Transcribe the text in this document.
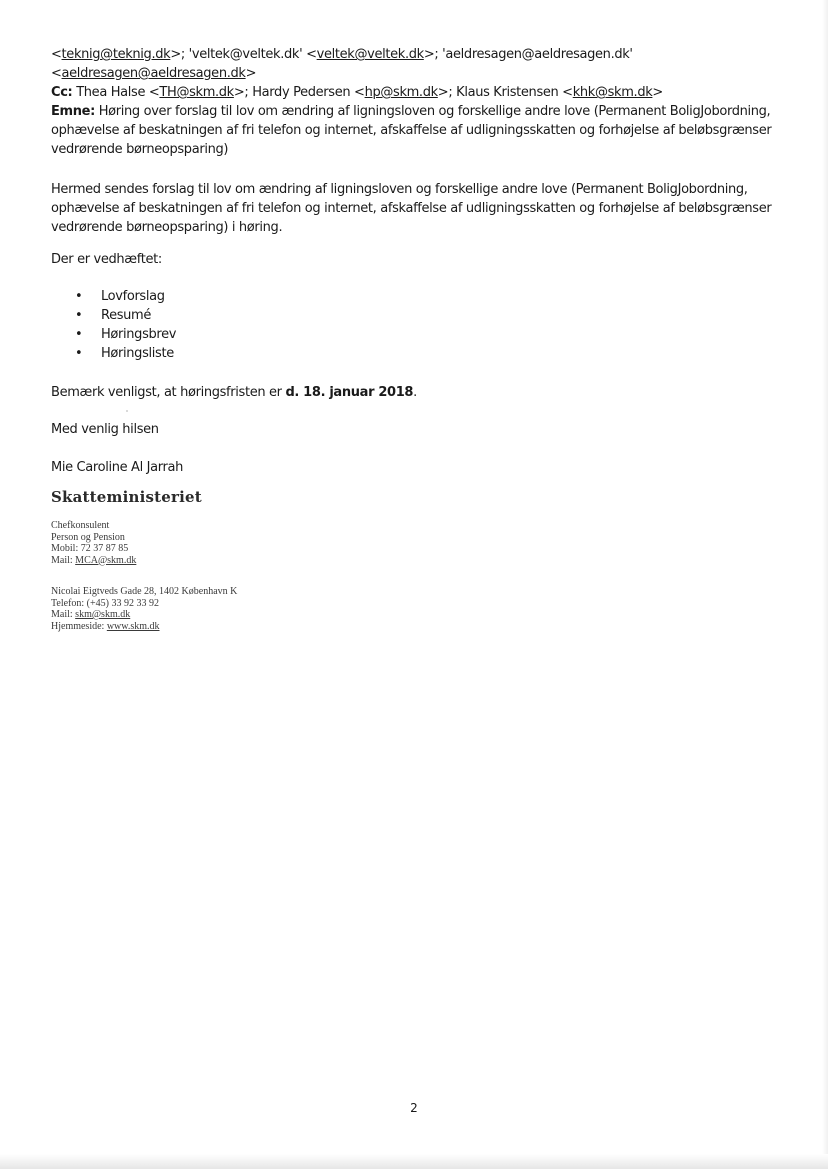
<teknig@teknig.dk>; 'veltek@veltek.dk' <veltek@veltek.dk>; 'aeldresagen@aeldresagen.dk'
<aeldresagen@aeldresagen.dk>
Cc: Thea Halse <TH@skm.dk>; Hardy Pedersen <hp@skm.dk>; Klaus Kristensen <khk@skm.dk>
Emne: Høring over forslag til lov om ændring af ligningsloven og forskellige andre love (Permanent BoligJobordning, ophævelse af beskatningen af fri telefon og internet, afskaffelse af udligningsskatten og forhøjelse af beløbsgrænser vedrørende børneopsparing)
Hermed sendes forslag til lov om ændring af ligningsloven og forskellige andre love (Permanent BoligJobordning, ophævelse af beskatningen af fri telefon og internet, afskaffelse af udligningsskatten og forhøjelse af beløbsgrænser vedrørende børneopsparing) i høring.
Der er vedhæftet:
• Lovforslag
• Resumé
• Høringsbrev
• Høringsliste
Bemærk venligst, at høringsfristen er d. 18. januar 2018.
Med venlig hilsen
Mie Caroline Al Jarrah
Skatteministeriet
Chefkonsulent
Person og Pension
Mobil: 72 37 87 85
Mail: MCA@skm.dk
Nicolai Eigtveds Gade 28, 1402 København K
Telefon: (+45) 33 92 33 92
Mail: skm@skm.dk
Hjemmeside: www.skm.dk
2
